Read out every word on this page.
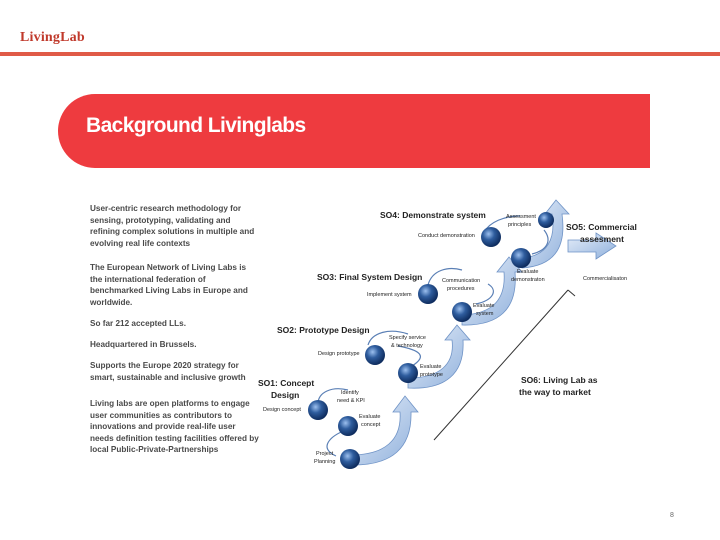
LivingLab
Background Livinglabs

User-centric research methodology for sensing, prototyping, validating and refining complex solutions in multiple and evolving real life contexts

The European Network of Living Labs is the international federation of benchmarked Living Labs in Europe and worldwide.

So far 212 accepted LLs.

Headquartered in Brussels.

Supports the Europe 2020 strategy for smart, sustainable and inclusive growth

Living labs are open platforms to engage user communities as contributors to innovations and provide real-life user needs definition testing facilities offered by local Public-Private-Partnerships

SO1: Concept
Design
SO2: Prototype Design
SO3: Final System Design
SO4: Demonstrate system
SO5: Commercial
assesment
SO6: Living Lab as
the way to market
Project
Planning
Design concept
Identify
need & KPI
Evaluate
concept
Design prototype
Specify service
& technology
Evaluate
prototype
Implement system
Communication
procedures
Evaluate
system
Conduct demonstration
Assessment
principles
Evaluate
demonstraton	Commercialisaton
8
